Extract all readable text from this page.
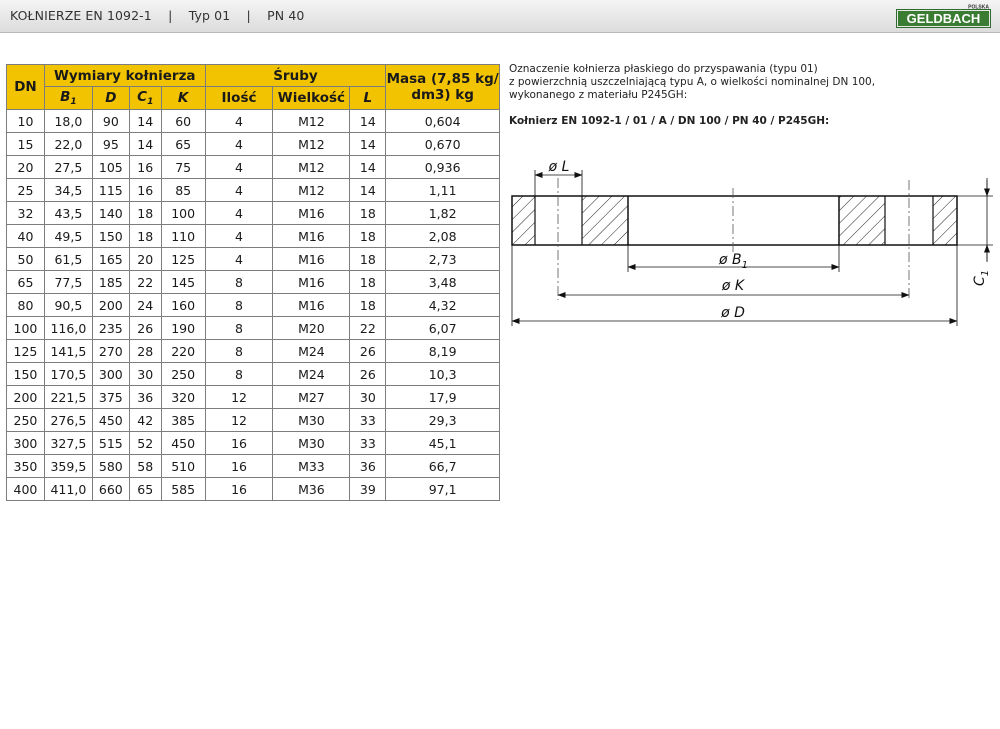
KOŁNIERZE EN 1092-1 | Typ 01 | PN 40	GELDBACH
POLSKA
DN	Wymiary kołnierza				Śruby			Masa (7,85 kg/ dm3) kg
	$B_1$	D	$C_1$	K	Ilość	Wielkość	L	
10	18,0	90	14	60	4	M12	14	0,604
15	22,0	95	14	65	4	M12	14	0,670
20	27,5	105	16	75	4	M12	14	0,936
25	34,5	115	16	85	4	M12	14	1,11
32	43,5	140	18	100	4	M16	18	1,82
40	49,5	150	18	110	4	M16	18	2,08
50	61,5	165	20	125	4	M16	18	2,73
65	77,5	185	22	145	8	M16	18	3,48
80	90,5	200	24	160	8	M16	18	4,32
100	116,0	235	26	190	8	M20	22	6,07
125	141,5	270	28	220	8	M24	26	8,19
150	170,5	300	30	250	8	M24	26	10,3
200	221,5	375	36	320	12	M27	30	17,9
250	276,5	450	42	385	12	M30	33	29,3
300	327,5	515	52	450	16	M30	33	45,1
350	359,5	580	58	510	16	M33	36	66,7
400	411,0	660	65	585	16	M36	39	97,1
Oznaczenie kołnierza płaskiego do przyspawania (typu 01)
z powierzchnią uszczelniającą typu A, o wielkości nominalnej DN 100,
wykonanego z materiału P245GH:
Kołnierz EN 1092-1 / 01 / A / DN 100 / PN 40 / P245GH:
ø L
ø $B_1$
ø K
ø D
$C_1$
